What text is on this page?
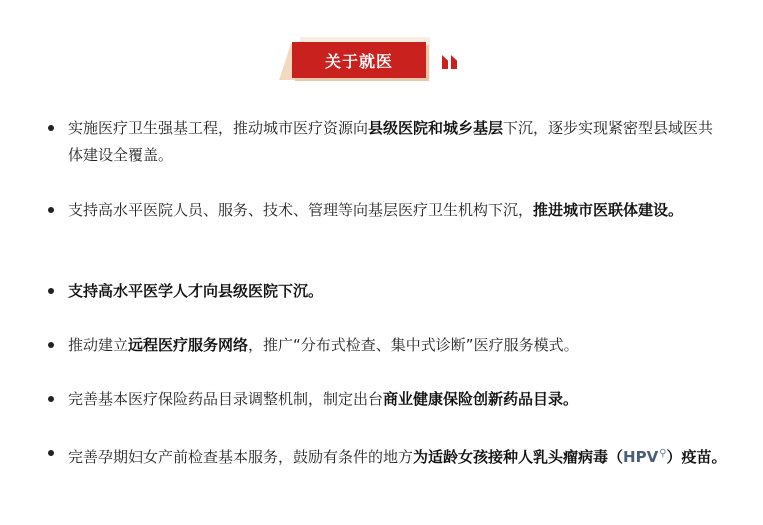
关于就医
实施医疗卫生强基工程，推动城市医疗资源向县级医院和城乡基层下沉，逐步实现紧密型县域医共体建设全覆盖。
支持高水平医院人员、服务、技术、管理等向基层医疗卫生机构下沉，推进城市医联体建设。
支持高水平医学人才向县级医院下沉。
推动建立远程医疗服务网络，推广“分布式检查、集中式诊断”医疗服务模式。
完善基本医疗保险药品目录调整机制，制定出台商业健康保险创新药品目录。
完善孕期妇女产前检查基本服务，鼓励有条件的地方为适龄女孩接种人乳头瘤病毒（HPV⚲）疫苗。
